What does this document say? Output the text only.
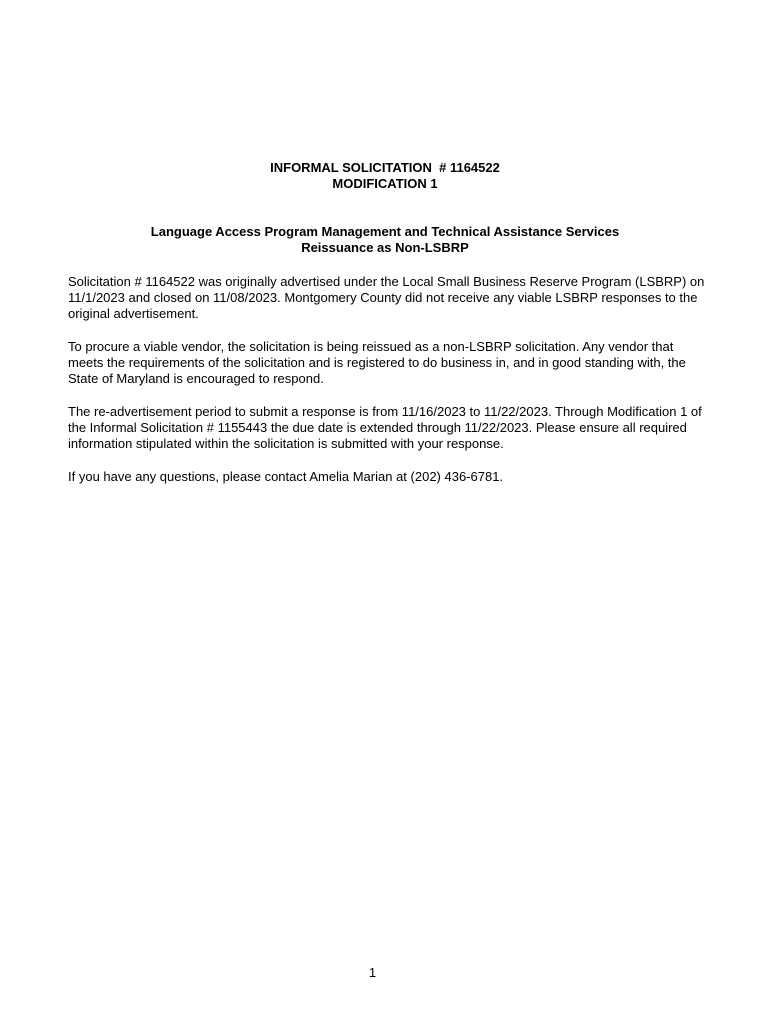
INFORMAL SOLICITATION  # 1164522
MODIFICATION 1
Language Access Program Management and Technical Assistance Services
Reissuance as Non-LSBRP
Solicitation # 1164522 was originally advertised under the Local Small Business Reserve Program (LSBRP) on 11/1/2023 and closed on 11/08/2023. Montgomery County did not receive any viable LSBRP responses to the original advertisement.
To procure a viable vendor, the solicitation is being reissued as a non-LSBRP solicitation. Any vendor that meets the requirements of the solicitation and is registered to do business in, and in good standing with, the State of Maryland is encouraged to respond.
The re-advertisement period to submit a response is from 11/16/2023 to 11/22/2023. Through Modification 1 of the Informal Solicitation # 1155443 the due date is extended through 11/22/2023. Please ensure all required information stipulated within the solicitation is submitted with your response.
If you have any questions, please contact Amelia Marian at (202) 436-6781.
1
